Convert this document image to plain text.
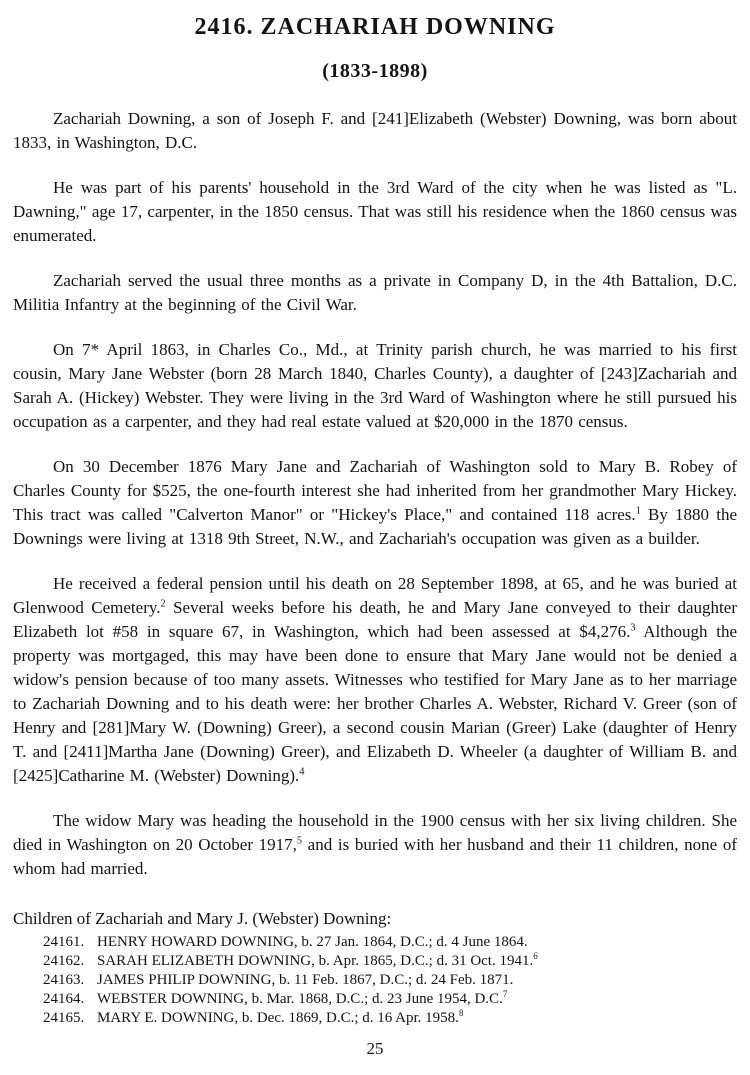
2416. ZACHARIAH DOWNING
(1833-1898)

Zachariah Downing, a son of Joseph F. and [241]Elizabeth (Webster) Downing, was born about 1833, in Washington, D.C.

He was part of his parents' household in the 3rd Ward of the city when he was listed as "L. Dawning," age 17, carpenter, in the 1850 census. That was still his residence when the 1860 census was enumerated.

Zachariah served the usual three months as a private in Company D, in the 4th Battalion, D.C. Militia Infantry at the beginning of the Civil War.

On 7* April 1863, in Charles Co., Md., at Trinity parish church, he was married to his first cousin, Mary Jane Webster (born 28 March 1840, Charles County), a daughter of [243]Zachariah and Sarah A. (Hickey) Webster. They were living in the 3rd Ward of Washington where he still pursued his occupation as a carpenter, and they had real estate valued at $20,000 in the 1870 census.

On 30 December 1876 Mary Jane and Zachariah of Washington sold to Mary B. Robey of Charles County for $525, the one-fourth interest she had inherited from her grandmother Mary Hickey. This tract was called "Calverton Manor" or "Hickey's Place," and contained 118 acres.$^1$ By 1880 the Downings were living at 1318 9th Street, N.W., and Zachariah's occupation was given as a builder.

He received a federal pension until his death on 28 September 1898, at 65, and he was buried at Glenwood Cemetery.$^2$ Several weeks before his death, he and Mary Jane conveyed to their daughter Elizabeth lot #58 in square 67, in Washington, which had been assessed at $4,276.$^3$ Although the property was mortgaged, this may have been done to ensure that Mary Jane would not be denied a widow's pension because of too many assets. Witnesses who testified for Mary Jane as to her marriage to Zachariah Downing and to his death were: her brother Charles A. Webster, Richard V. Greer (son of Henry and [281]Mary W. (Downing) Greer), a second cousin Marian (Greer) Lake (daughter of Henry T. and [2411]Martha Jane (Downing) Greer), and Elizabeth D. Wheeler (a daughter of William B. and [2425]Catharine M. (Webster) Downing).$^4$

The widow Mary was heading the household in the 1900 census with her six living children. She died in Washington on 20 October 1917,$^5$ and is buried with her husband and their 11 children, none of whom had married.

Children of Zachariah and Mary J. (Webster) Downing:
24161. HENRY HOWARD DOWNING, b. 27 Jan. 1864, D.C.; d. 4 June 1864.
24162. SARAH ELIZABETH DOWNING, b. Apr. 1865, D.C.; d. 31 Oct. 1941.$^6$
24163. JAMES PHILIP DOWNING, b. 11 Feb. 1867, D.C.; d. 24 Feb. 1871.
24164. WEBSTER DOWNING, b. Mar. 1868, D.C.; d. 23 June 1954, D.C.$^7$
24165. MARY E. DOWNING, b. Dec. 1869, D.C.; d. 16 Apr. 1958.$^8$
25
